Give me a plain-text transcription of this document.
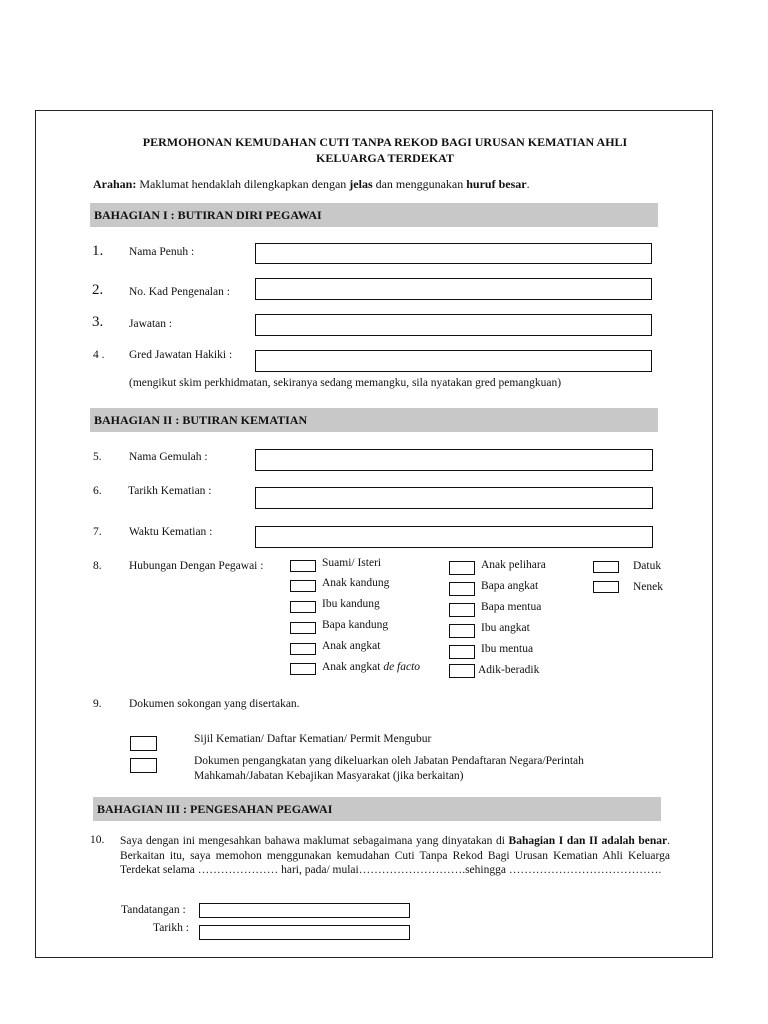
PERMOHONAN KEMUDAHAN CUTI TANPA REKOD BAGI URUSAN KEMATIAN AHLI
KELUARGA TERDEKAT
Arahan: Maklumat hendaklah dilengkapkan dengan jelas dan menggunakan huruf besar.
BAHAGIAN I : BUTIRAN DIRI PEGAWAI
1. Nama Penuh :
2. No. Kad Pengenalan :
3. Jawatan :
4 . Gred Jawatan Hakiki :
(mengikut skim perkhidmatan, sekiranya sedang memangku, sila nyatakan gred pemangkuan)
BAHAGIAN II : BUTIRAN KEMATIAN
5. Nama Gemulah :
6. Tarikh Kematian :
7. Waktu Kematian :
8. Hubungan Dengan Pegawai :	Suami/ Isteri
Anak kandung
Ibu kandung
Bapa kandung
Anak angkat
Anak angkat de facto
Anak pelihara
Bapa angkat
Bapa mentua
Ibu angkat
Ibu mentua
Adik-beradik
Datuk
Nenek
9. Dokumen sokongan yang disertakan.
Sijil Kematian/ Daftar Kematian/ Permit Mengubur
Dokumen pengangkatan yang dikeluarkan oleh Jabatan Pendaftaran Negara/Perintah
Mahkamah/Jabatan Kebajikan Masyarakat (jika berkaitan)
BAHAGIAN III : PENGESAHAN PEGAWAI
10. Saya dengan ini mengesahkan bahawa maklumat sebagaimana yang dinyatakan di Bahagian I dan II adalah benar. Berkaitan itu, saya memohon menggunakan kemudahan Cuti Tanpa Rekod Bagi Urusan Kematian Ahli Keluarga Terdekat selama ………………… hari, pada/ mulai……………………….sehingga ………………………………….
Tandatangan :
Tarikh :
